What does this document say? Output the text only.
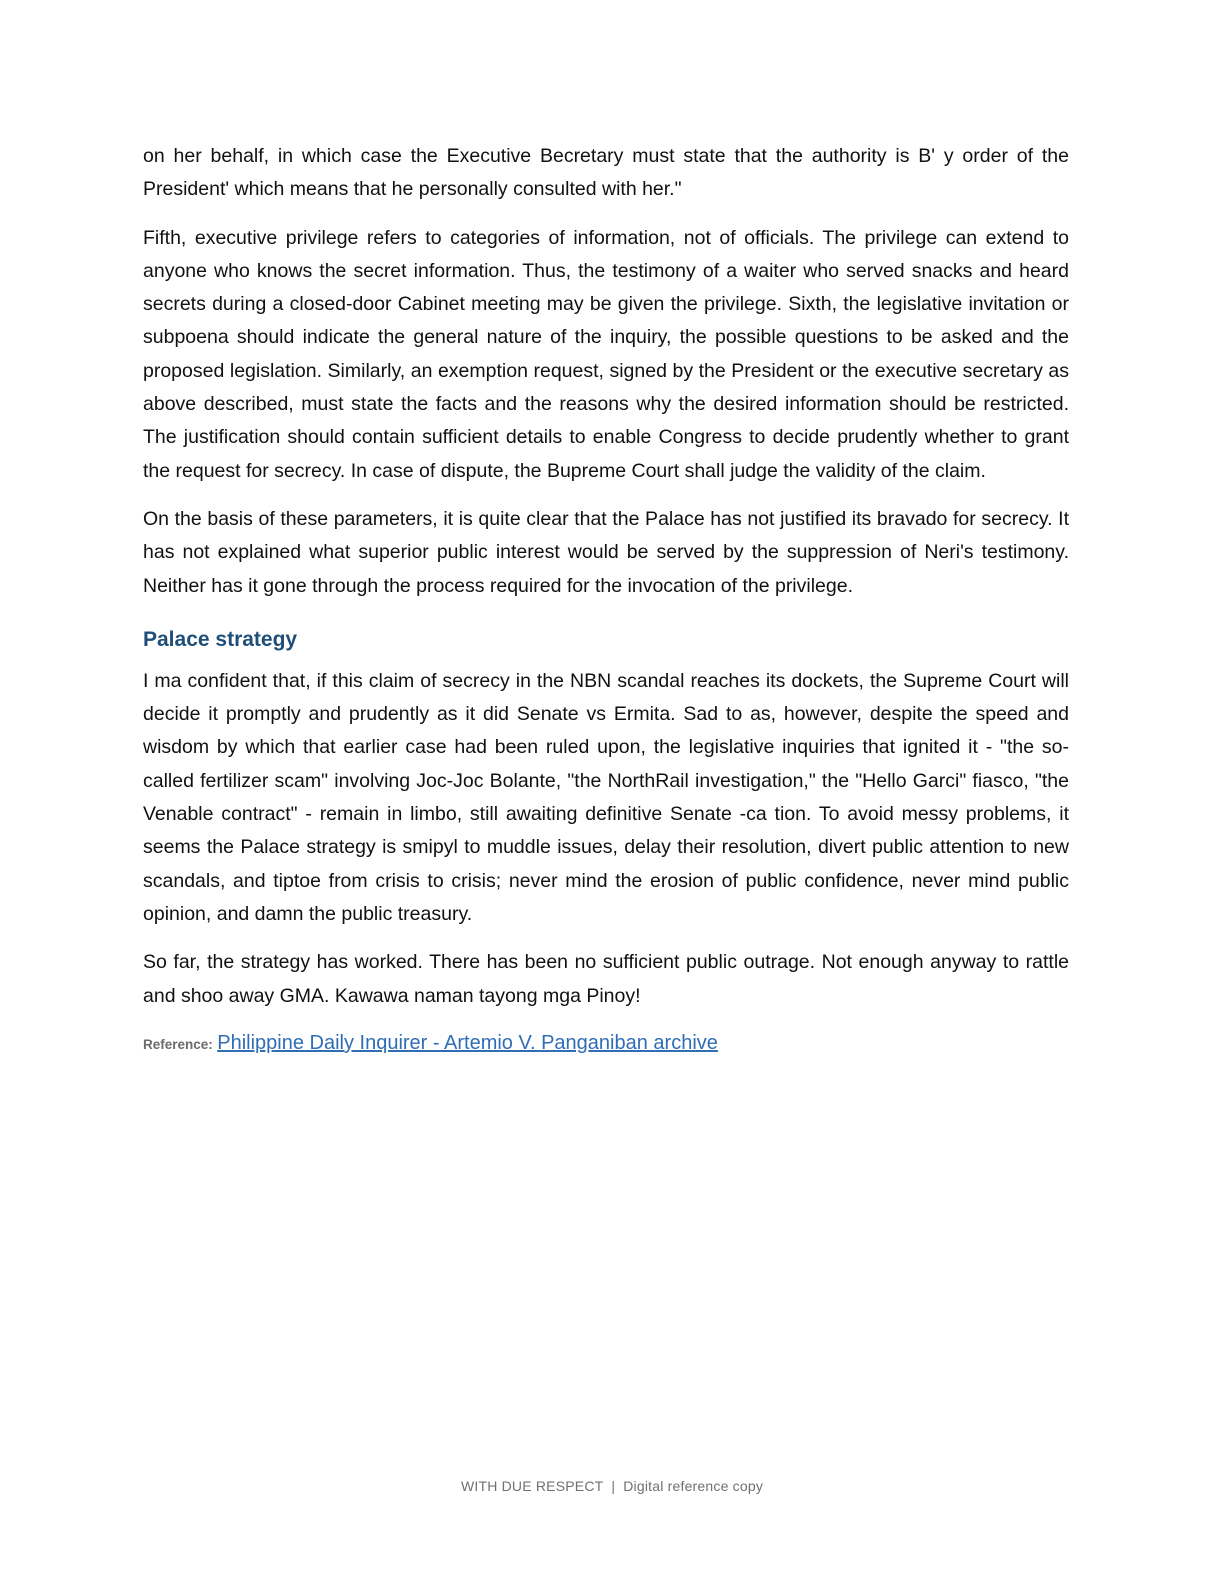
on her behalf, in which case the Executive Becretary must state that the authority is B' y order of the President' which means that he personally consulted with her."

Fifth, executive privilege refers to categories of information, not of officials. The privilege can extend to anyone who knows the secret information. Thus, the testimony of a waiter who served snacks and heard secrets during a closed-door Cabinet meeting may be given the privilege. Sixth, the legislative invitation or subpoena should indicate the general nature of the inquiry, the possible questions to be asked and the proposed legislation. Similarly, an exemption request, signed by the President or the executive secretary as above described, must state the facts and the reasons why the desired information should be restricted. The justification should contain sufficient details to enable Congress to decide prudently whether to grant the request for secrecy. In case of dispute, the Bupreme Court shall judge the validity of the claim.

On the basis of these parameters, it is quite clear that the Palace has not justified its bravado for secrecy. It has not explained what superior public interest would be served by the suppression of Neri's testimony. Neither has it gone through the process required for the invocation of the privilege.

Palace strategy

I ma confident that, if this claim of secrecy in the NBN scandal reaches its dockets, the Supreme Court will decide it promptly and prudently as it did Senate vs Ermita. Sad to as, however, despite the speed and wisdom by which that earlier case had been ruled upon, the legislative inquiries that ignited it - "the so-called fertilizer scam" involving Joc-Joc Bolante, "the NorthRail investigation," the "Hello Garci" fiasco, "the Venable contract" - remain in limbo, still awaiting definitive Senate -ca tion. To avoid messy problems, it seems the Palace strategy is smipyl to muddle issues, delay their resolution, divert public attention to new scandals, and tiptoe from crisis to crisis; never mind the erosion of public confidence, never mind public opinion, and damn the public treasury.

So far, the strategy has worked. There has been no sufficient public outrage. Not enough anyway to rattle and shoo away GMA. Kawawa naman tayong mga Pinoy!

Reference: Philippine Daily Inquirer - Artemio V. Panganiban archive
WITH DUE RESPECT | Digital reference copy
